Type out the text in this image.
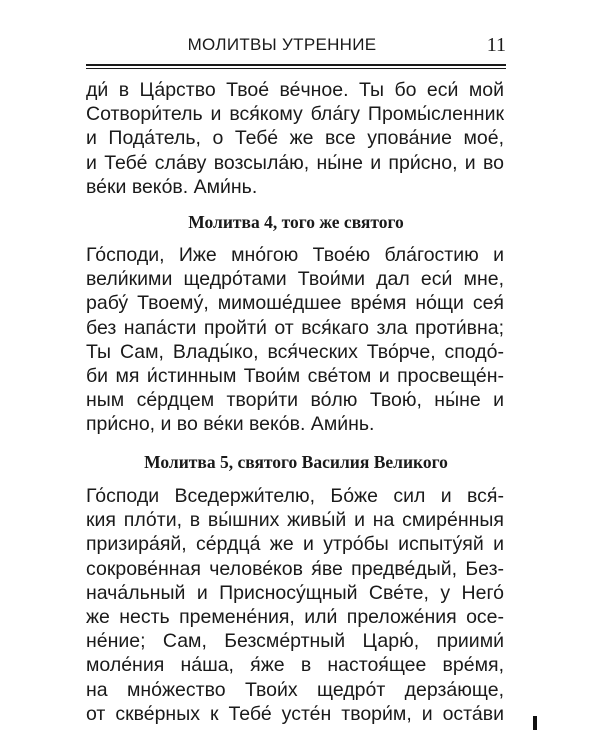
МОЛИТВЫ УТРЕННИЕ	11
ди́ в Ца́рство Твое́ ве́чное. Ты бо еси́ мой
Сотвори́тель и вся́кому бла́гу Промы́сленник
и Пода́тель, о Тебе́ же все упова́ние мое́,
и Тебе́ сла́ву возсыла́ю, ны́не и при́сно, и во
ве́ки веко́в. Ами́нь.
Молитва 4, того же святого
Го́споди, Иже мно́гою Твое́ю бла́гостию и
вели́кими щедро́тами Твои́ми дал еси́ мне,
рабу́ Твоему́, мимоше́дшее вре́мя но́щи сея́
без напа́сти пройти́ от вся́каго зла проти́вна;
Ты Сам, Влады́ко, вся́ческих Тво́рче, сподо́-
би мя и́стинным Твои́м све́том и просвеще́н-
ным се́рдцем твори́ти во́лю Твою́, ны́не и
при́сно, и во ве́ки веко́в. Ами́нь.
Молитва 5, святого Василия Великого
Го́споди Вседержи́телю, Бо́же сил и вся́-
кия пло́ти, в вы́шних живы́й и на смире́нныя
призира́яй, се́рдца́ же и утро́бы испыту́яй и
сокрове́нная челове́ков я́ве предве́дый, Без-
нача́льный и Присносу́щный Све́те, у Него́
же несть премене́ния, или́ преложе́ния осе-
не́ние; Сам, Безсме́ртный Царю́, приими́
моле́ния на́ша, я́же в настоя́щее вре́мя,
на мно́жество Твои́х щедро́т дерза́юще,
от скве́рных к Тебе́ усте́н твори́м, и оста́ви
